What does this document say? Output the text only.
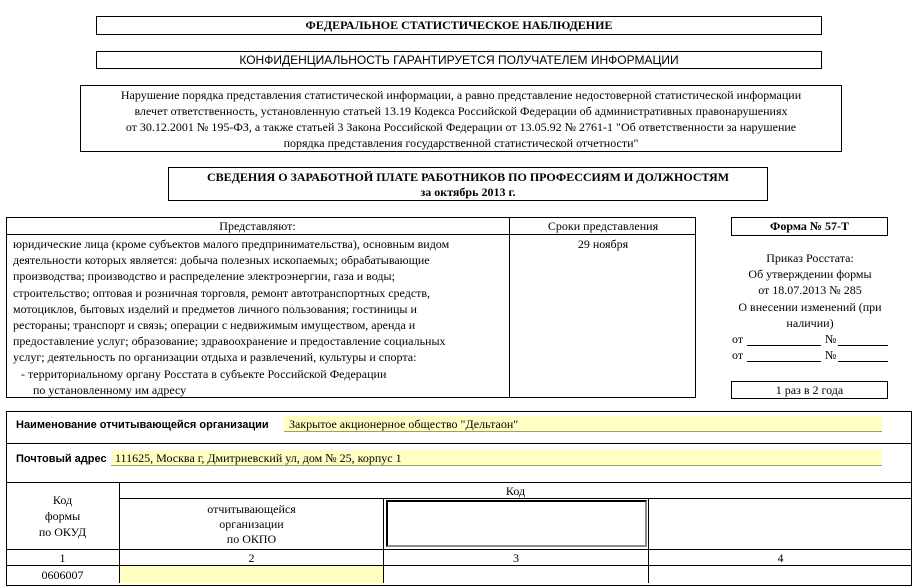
ФЕДЕРАЛЬНОЕ СТАТИСТИЧЕСКОЕ НАБЛЮДЕНИЕ
КОНФИДЕНЦИАЛЬНОСТЬ ГАРАНТИРУЕТСЯ ПОЛУЧАТЕЛЕМ ИНФОРМАЦИИ
Нарушение порядка представления статистической информации, а равно представление недостоверной статистической информации
влечет ответственность, установленную статьей 13.19 Кодекса Российской Федерации об административных правонарушениях
от 30.12.2001 № 195-ФЗ, а также статьей 3 Закона Российской Федерации от 13.05.92 № 2761-1 "Об ответственности за нарушение
порядка представления государственной статистической отчетности"
СВЕДЕНИЯ О ЗАРАБОТНОЙ ПЛАТЕ РАБОТНИКОВ ПО ПРОФЕССИЯМ И ДОЛЖНОСТЯМ
за октябрь 2013 г.
Представляют:	Сроки представления
юридические лица (кроме субъектов малого предпринимательства), основным видом
деятельности которых является: добыча полезных ископаемых; обрабатывающие
производства; производство и распределение электроэнергии, газа и воды;
строительство; оптовая и розничная торговля, ремонт автотранспортных средств,
мотоциклов, бытовых изделий и предметов личного пользования; гостиницы и
рестораны; транспорт и связь; операции с недвижимым имуществом, аренда и
предоставление услуг; образование; здравоохранение и предоставление социальных
услуг; деятельность по организации отдыха и развлечений, культуры и спорта:
- территориальному органу Росстата в субъекте Российской Федерации
по установленному им адресу
29 ноября
Форма № 57-Т
Приказ Росстата:
Об утверждении формы
от 18.07.2013 № 285
О внесении изменений (при
наличии)
от	№
от	№
1 раз в 2 года
Наименование отчитывающейся организации	Закрытое акционерное общество "Дельтаон"
Почтовый адрес 111625, Москва г, Дмитриевский ул, дом № 25, корпус 1
Код
формы
по ОКУД
Код
отчитывающейся
организации
по ОКПО
1	2	3	4
0606007
